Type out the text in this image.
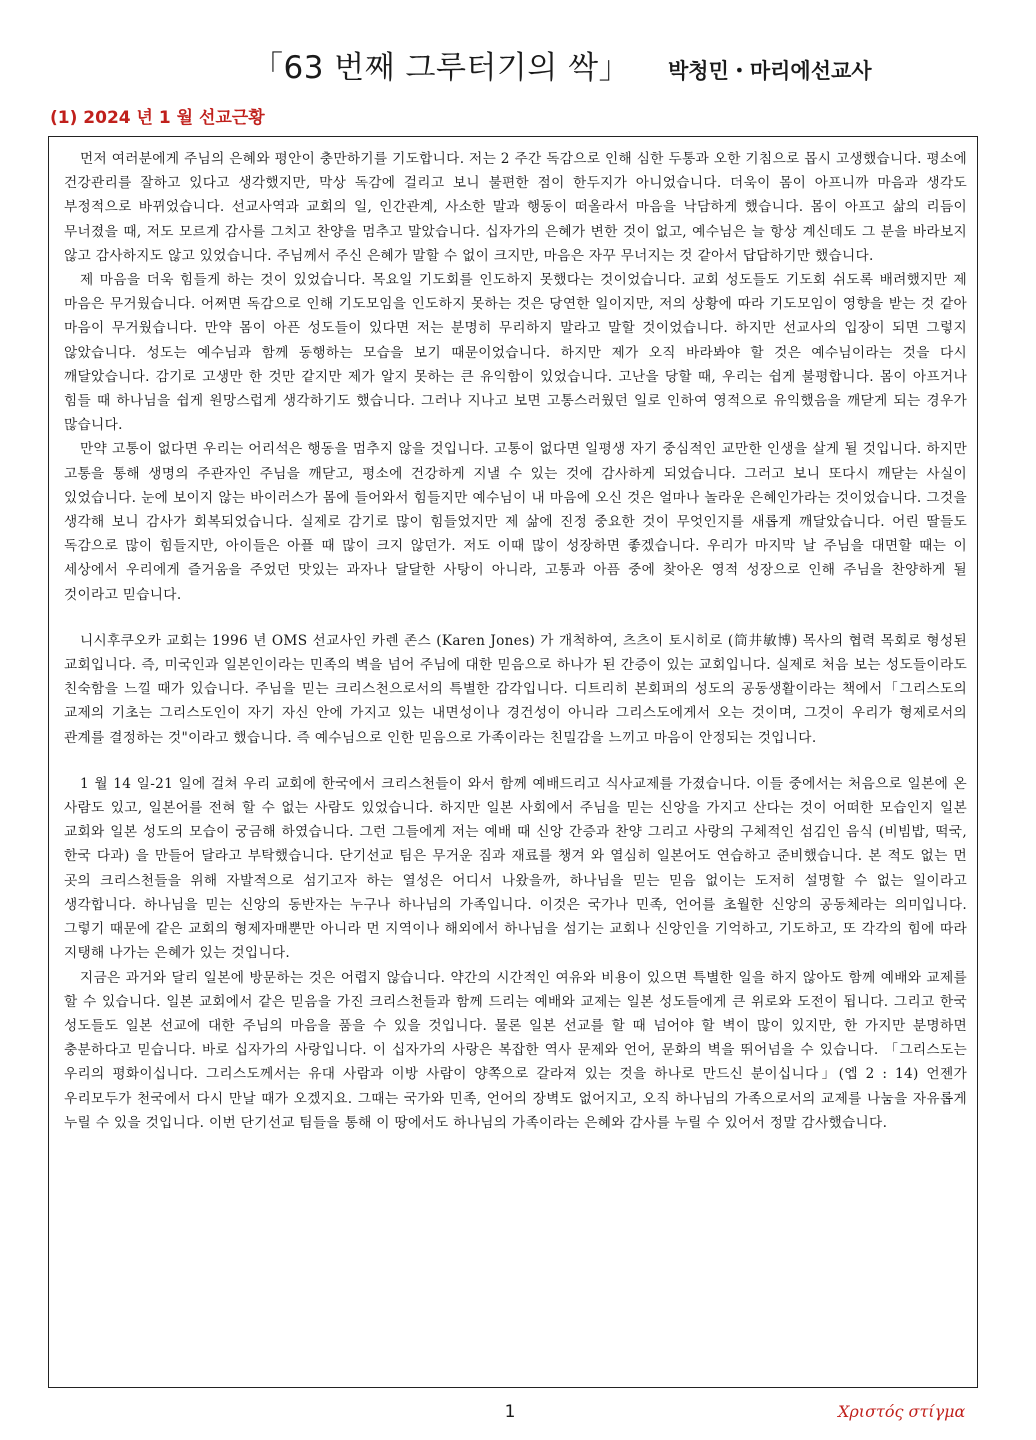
「63 번째 그루터기의 싹」 박청민・마리에선교사
(1) 2024 년 1 월 선교근황

먼저 여러분에게 주님의 은혜와 평안이 충만하기를 기도합니다. 저는 2 주간 독감으로 인해 심한 두통과 오한 기침으로 몹시 고생했습니다. 평소에 건강관리를 잘하고 있다고 생각했지만, 막상 독감에 걸리고 보니 불편한 점이 한두지가 아니었습니다. 더욱이 몸이 아프니까 마음과 생각도 부정적으로 바뀌었습니다. 선교사역과 교회의 일, 인간관계, 사소한 말과 행동이 떠올라서 마음을 낙담하게 했습니다. 몸이 아프고 삶의 리듬이 무너졌을 때, 저도 모르게 감사를 그치고 찬양을 멈추고 말았습니다. 십자가의 은혜가 변한 것이 없고, 예수님은 늘 항상 계신데도 그 분을 바라보지 않고 감사하지도 않고 있었습니다. 주님께서 주신 은혜가 말할 수 없이 크지만, 마음은 자꾸 무너지는 것 같아서 답답하기만 했습니다.

제 마음을 더욱 힘들게 하는 것이 있었습니다. 목요일 기도회를 인도하지 못했다는 것이었습니다. 교회 성도들도 기도회 쉬도록 배려했지만 제 마음은 무거웠습니다. 어쩌면 독감으로 인해 기도모임을 인도하지 못하는 것은 당연한 일이지만, 저의 상황에 따라 기도모임이 영향을 받는 것 같아 마음이 무거웠습니다. 만약 몸이 아픈 성도들이 있다면 저는 분명히 무리하지 말라고 말할 것이었습니다. 하지만 선교사의 입장이 되면 그렇지 않았습니다. 성도는 예수님과 함께 동행하는 모습을 보기 때문이었습니다. 하지만 제가 오직 바라봐야 할 것은 예수님이라는 것을 다시 깨달았습니다. 감기로 고생만 한 것만 같지만 제가 알지 못하는 큰 유익함이 있었습니다. 고난을 당할 때, 우리는 쉽게 불평합니다. 몸이 아프거나 힘들 때 하나님을 쉽게 원망스럽게 생각하기도 했습니다. 그러나 지나고 보면 고통스러웠던 일로 인하여 영적으로 유익했음을 깨닫게 되는 경우가 많습니다.

만약 고통이 없다면 우리는 어리석은 행동을 멈추지 않을 것입니다. 고통이 없다면 일평생 자기 중심적인 교만한 인생을 살게 될 것입니다. 하지만 고통을 통해 생명의 주관자인 주님을 깨닫고, 평소에 건강하게 지낼 수 있는 것에 감사하게 되었습니다. 그러고 보니 또다시 깨닫는 사실이 있었습니다. 눈에 보이지 않는 바이러스가 몸에 들어와서 힘들지만 예수님이 내 마음에 오신 것은 얼마나 놀라운 은혜인가라는 것이었습니다. 그것을 생각해 보니 감사가 회복되었습니다. 실제로 감기로 많이 힘들었지만 제 삶에 진정 중요한 것이 무엇인지를 새롭게 깨달았습니다. 어린 딸들도 독감으로 많이 힘들지만, 아이들은 아플 때 많이 크지 않던가. 저도 이때 많이 성장하면 좋겠습니다. 우리가 마지막 날 주님을 대면할 때는 이 세상에서 우리에게 즐거움을 주었던 맛있는 과자나 달달한 사탕이 아니라, 고통과 아픔 중에 찾아온 영적 성장으로 인해 주님을 찬양하게 될 것이라고 믿습니다.

니시후쿠오카 교회는 1996 년 OMS 선교사인 카렌 존스 (Karen Jones) 가 개척하여, 츠츠이 토시히로 (筒井敏博) 목사의 협력 목회로 형성된 교회입니다. 즉, 미국인과 일본인이라는 민족의 벽을 넘어 주님에 대한 믿음으로 하나가 된 간증이 있는 교회입니다. 실제로 처음 보는 성도들이라도 친숙함을 느낄 때가 있습니다. 주님을 믿는 크리스천으로서의 특별한 감각입니다. 디트리히 본회퍼의 성도의 공동생활이라는 책에서「그리스도의 교제의 기초는 그리스도인이 자기 자신 안에 가지고 있는 내면성이나 경건성이 아니라 그리스도에게서 오는 것이며, 그것이 우리가 형제로서의 관계를 결정하는 것"이라고 했습니다. 즉 예수님으로 인한 믿음으로 가족이라는 친밀감을 느끼고 마음이 안정되는 것입니다.

1 월 14 일-21 일에 걸쳐 우리 교회에 한국에서 크리스천들이 와서 함께 예배드리고 식사교제를 가졌습니다. 이들 중에서는 처음으로 일본에 온 사람도 있고, 일본어를 전혀 할 수 없는 사람도 있었습니다. 하지만 일본 사회에서 주님을 믿는 신앙을 가지고 산다는 것이 어떠한 모습인지 일본 교회와 일본 성도의 모습이 궁금해 하였습니다. 그런 그들에게 저는 예배 때 신앙 간증과 찬양 그리고 사랑의 구체적인 섬김인 음식 (비빔밥, 떡국, 한국 다과) 을 만들어 달라고 부탁했습니다. 단기선교 팀은 무거운 짐과 재료를 챙겨 와 열심히 일본어도 연습하고 준비했습니다. 본 적도 없는 먼 곳의 크리스천들을 위해 자발적으로 섬기고자 하는 열성은 어디서 나왔을까, 하나님을 믿는 믿음 없이는 도저히 설명할 수 없는 일이라고 생각합니다. 하나님을 믿는 신앙의 동반자는 누구나 하나님의 가족입니다. 이것은 국가나 민족, 언어를 초월한 신앙의 공동체라는 의미입니다. 그렇기 때문에 같은 교회의 형제자매뿐만 아니라 먼 지역이나 해외에서 하나님을 섬기는 교회나 신앙인을 기억하고, 기도하고, 또 각각의 힘에 따라 지탱해 나가는 은혜가 있는 것입니다.

지금은 과거와 달리 일본에 방문하는 것은 어렵지 않습니다. 약간의 시간적인 여유와 비용이 있으면 특별한 일을 하지 않아도 함께 예배와 교제를 할 수 있습니다. 일본 교회에서 같은 믿음을 가진 크리스천들과 함께 드리는 예배와 교제는 일본 성도들에게 큰 위로와 도전이 됩니다. 그리고 한국 성도들도 일본 선교에 대한 주님의 마음을 품을 수 있을 것입니다. 물론 일본 선교를 할 때 넘어야 할 벽이 많이 있지만, 한 가지만 분명하면 충분하다고 믿습니다. 바로 십자가의 사랑입니다. 이 십자가의 사랑은 복잡한 역사 문제와 언어, 문화의 벽을 뛰어넘을 수 있습니다. 「그리스도는 우리의 평화이십니다. 그리스도께서는 유대 사람과 이방 사람이 양쪽으로 갈라져 있는 것을 하나로 만드신 분이십니다」(엡 2 : 14) 언젠가 우리모두가 천국에서 다시 만날 때가 오겠지요. 그때는 국가와 민족, 언어의 장벽도 없어지고, 오직 하나님의 가족으로서의 교제를 나눔을 자유롭게 누릴 수 있을 것입니다. 이번 단기선교 팀들을 통해 이 땅에서도 하나님의 가족이라는 은혜와 감사를 누릴 수 있어서 정말 감사했습니다.

1	Χριστός στίγμα
